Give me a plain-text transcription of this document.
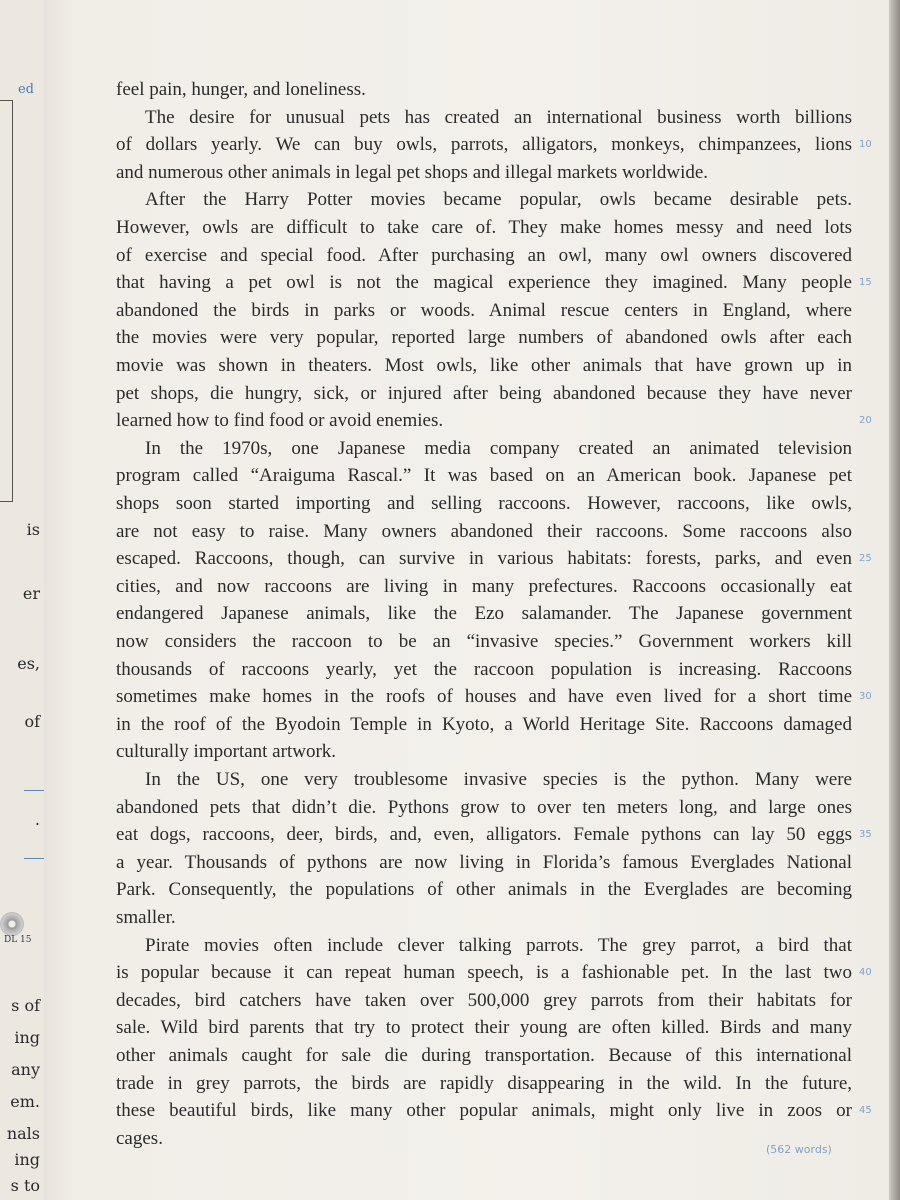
ed
is
er
es,
of
.
DL 15
s of
ing
any
em.
nals
ing
s to
feel pain, hunger, and loneliness.
The desire for unusual pets has created an international business worth billions
of dollars yearly. We can buy owls, parrots, alligators, monkeys, chimpanzees, lions 10
and numerous other animals in legal pet shops and illegal markets worldwide.
After the Harry Potter movies became popular, owls became desirable pets.
However, owls are difficult to take care of. They make homes messy and need lots
of exercise and special food. After purchasing an owl, many owl owners discovered
that having a pet owl is not the magical experience they imagined. Many people 15
abandoned the birds in parks or woods. Animal rescue centers in England, where
the movies were very popular, reported large numbers of abandoned owls after each
movie was shown in theaters. Most owls, like other animals that have grown up in
pet shops, die hungry, sick, or injured after being abandoned because they have never
learned how to find food or avoid enemies.	20
In the 1970s, one Japanese media company created an animated television
program called “Araiguma Rascal.” It was based on an American book. Japanese pet
shops soon started importing and selling raccoons. However, raccoons, like owls,
are not easy to raise. Many owners abandoned their raccoons. Some raccoons also
escaped. Raccoons, though, can survive in various habitats: forests, parks, and even 25
cities, and now raccoons are living in many prefectures. Raccoons occasionally eat
endangered Japanese animals, like the Ezo salamander. The Japanese government
now considers the raccoon to be an “invasive species.” Government workers kill
thousands of raccoons yearly, yet the raccoon population is increasing. Raccoons
sometimes make homes in the roofs of houses and have even lived for a short time 30
in the roof of the Byodoin Temple in Kyoto, a World Heritage Site. Raccoons damaged
culturally important artwork.
In the US, one very troublesome invasive species is the python. Many were
abandoned pets that didn’t die. Pythons grow to over ten meters long, and large ones
eat dogs, raccoons, deer, birds, and, even, alligators. Female pythons can lay 50 eggs 35
a year. Thousands of pythons are now living in Florida’s famous Everglades National
Park. Consequently, the populations of other animals in the Everglades are becoming
smaller.
Pirate movies often include clever talking parrots. The grey parrot, a bird that
is popular because it can repeat human speech, is a fashionable pet. In the last two 40
decades, bird catchers have taken over 500,000 grey parrots from their habitats for
sale. Wild bird parents that try to protect their young are often killed. Birds and many
other animals caught for sale die during transportation. Because of this international
trade in grey parrots, the birds are rapidly disappearing in the wild. In the future,
these beautiful birds, like many other popular animals, might only live in zoos or 45
cages.
(562 words)
